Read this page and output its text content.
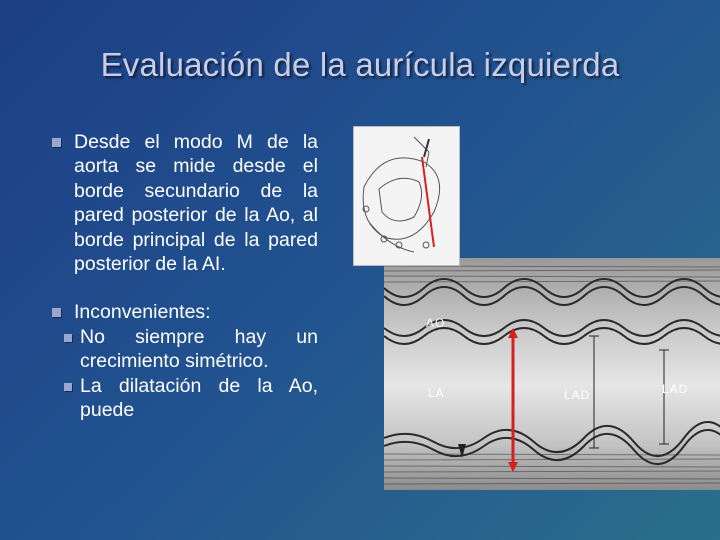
Evaluación de la aurícula izquierda
Desde el modo M de la aorta se mide desde el borde secundario de la pared posterior de la Ao, al borde principal de la pared posterior de la AI.
Inconvenientes:
No siempre hay un crecimiento simétrico.
La dilatación de la Ao, puede
AO
LA	LAD	LAD
